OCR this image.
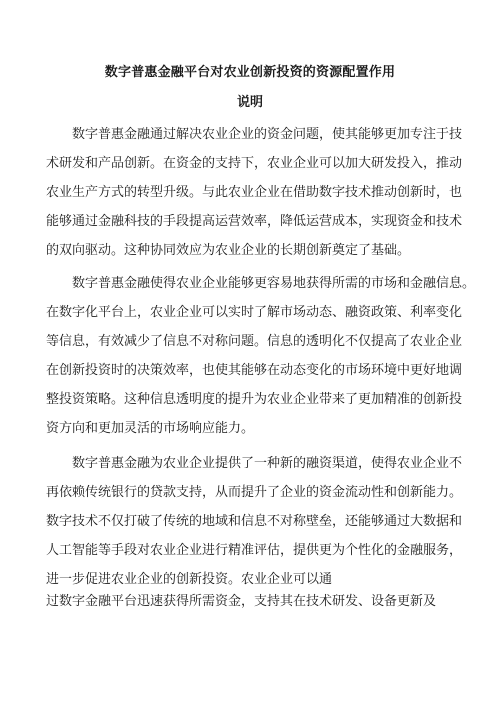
数字普惠金融平台对农业创新投资的资源配置作用
说明
数字普惠金融通过解决农业企业的资金问题，使其能够更加专注于技
术研发和产品创新。在资金的支持下，农业企业可以加大研发投入，推动
农业生产方式的转型升级。与此农业企业在借助数字技术推动创新时，也
能够通过金融科技的手段提高运营效率，降低运营成本，实现资金和技术
的双向驱动。这种协同效应为农业企业的长期创新奠定了基础。
数字普惠金融使得农业企业能够更容易地获得所需的市场和金融信息。
在数字化平台上，农业企业可以实时了解市场动态、融资政策、利率变化
等信息，有效减少了信息不对称问题。信息的透明化不仅提高了农业企业
在创新投资时的决策效率，也使其能够在动态变化的市场环境中更好地调
整投资策略。这种信息透明度的提升为农业企业带来了更加精准的创新投
资方向和更加灵活的市场响应能力。
数字普惠金融为农业企业提供了一种新的融资渠道，使得农业企业不
再依赖传统银行的贷款支持，从而提升了企业的资金流动性和创新能力。
数字技术不仅打破了传统的地域和信息不对称壁垒，还能够通过大数据和
人工智能等手段对农业企业进行精准评估，提供更为个性化的金融服务，
进一步促进农业企业的创新投资。农业企业可以通
过数字金融平台迅速获得所需资金，支持其在技术研发、设备更新及
